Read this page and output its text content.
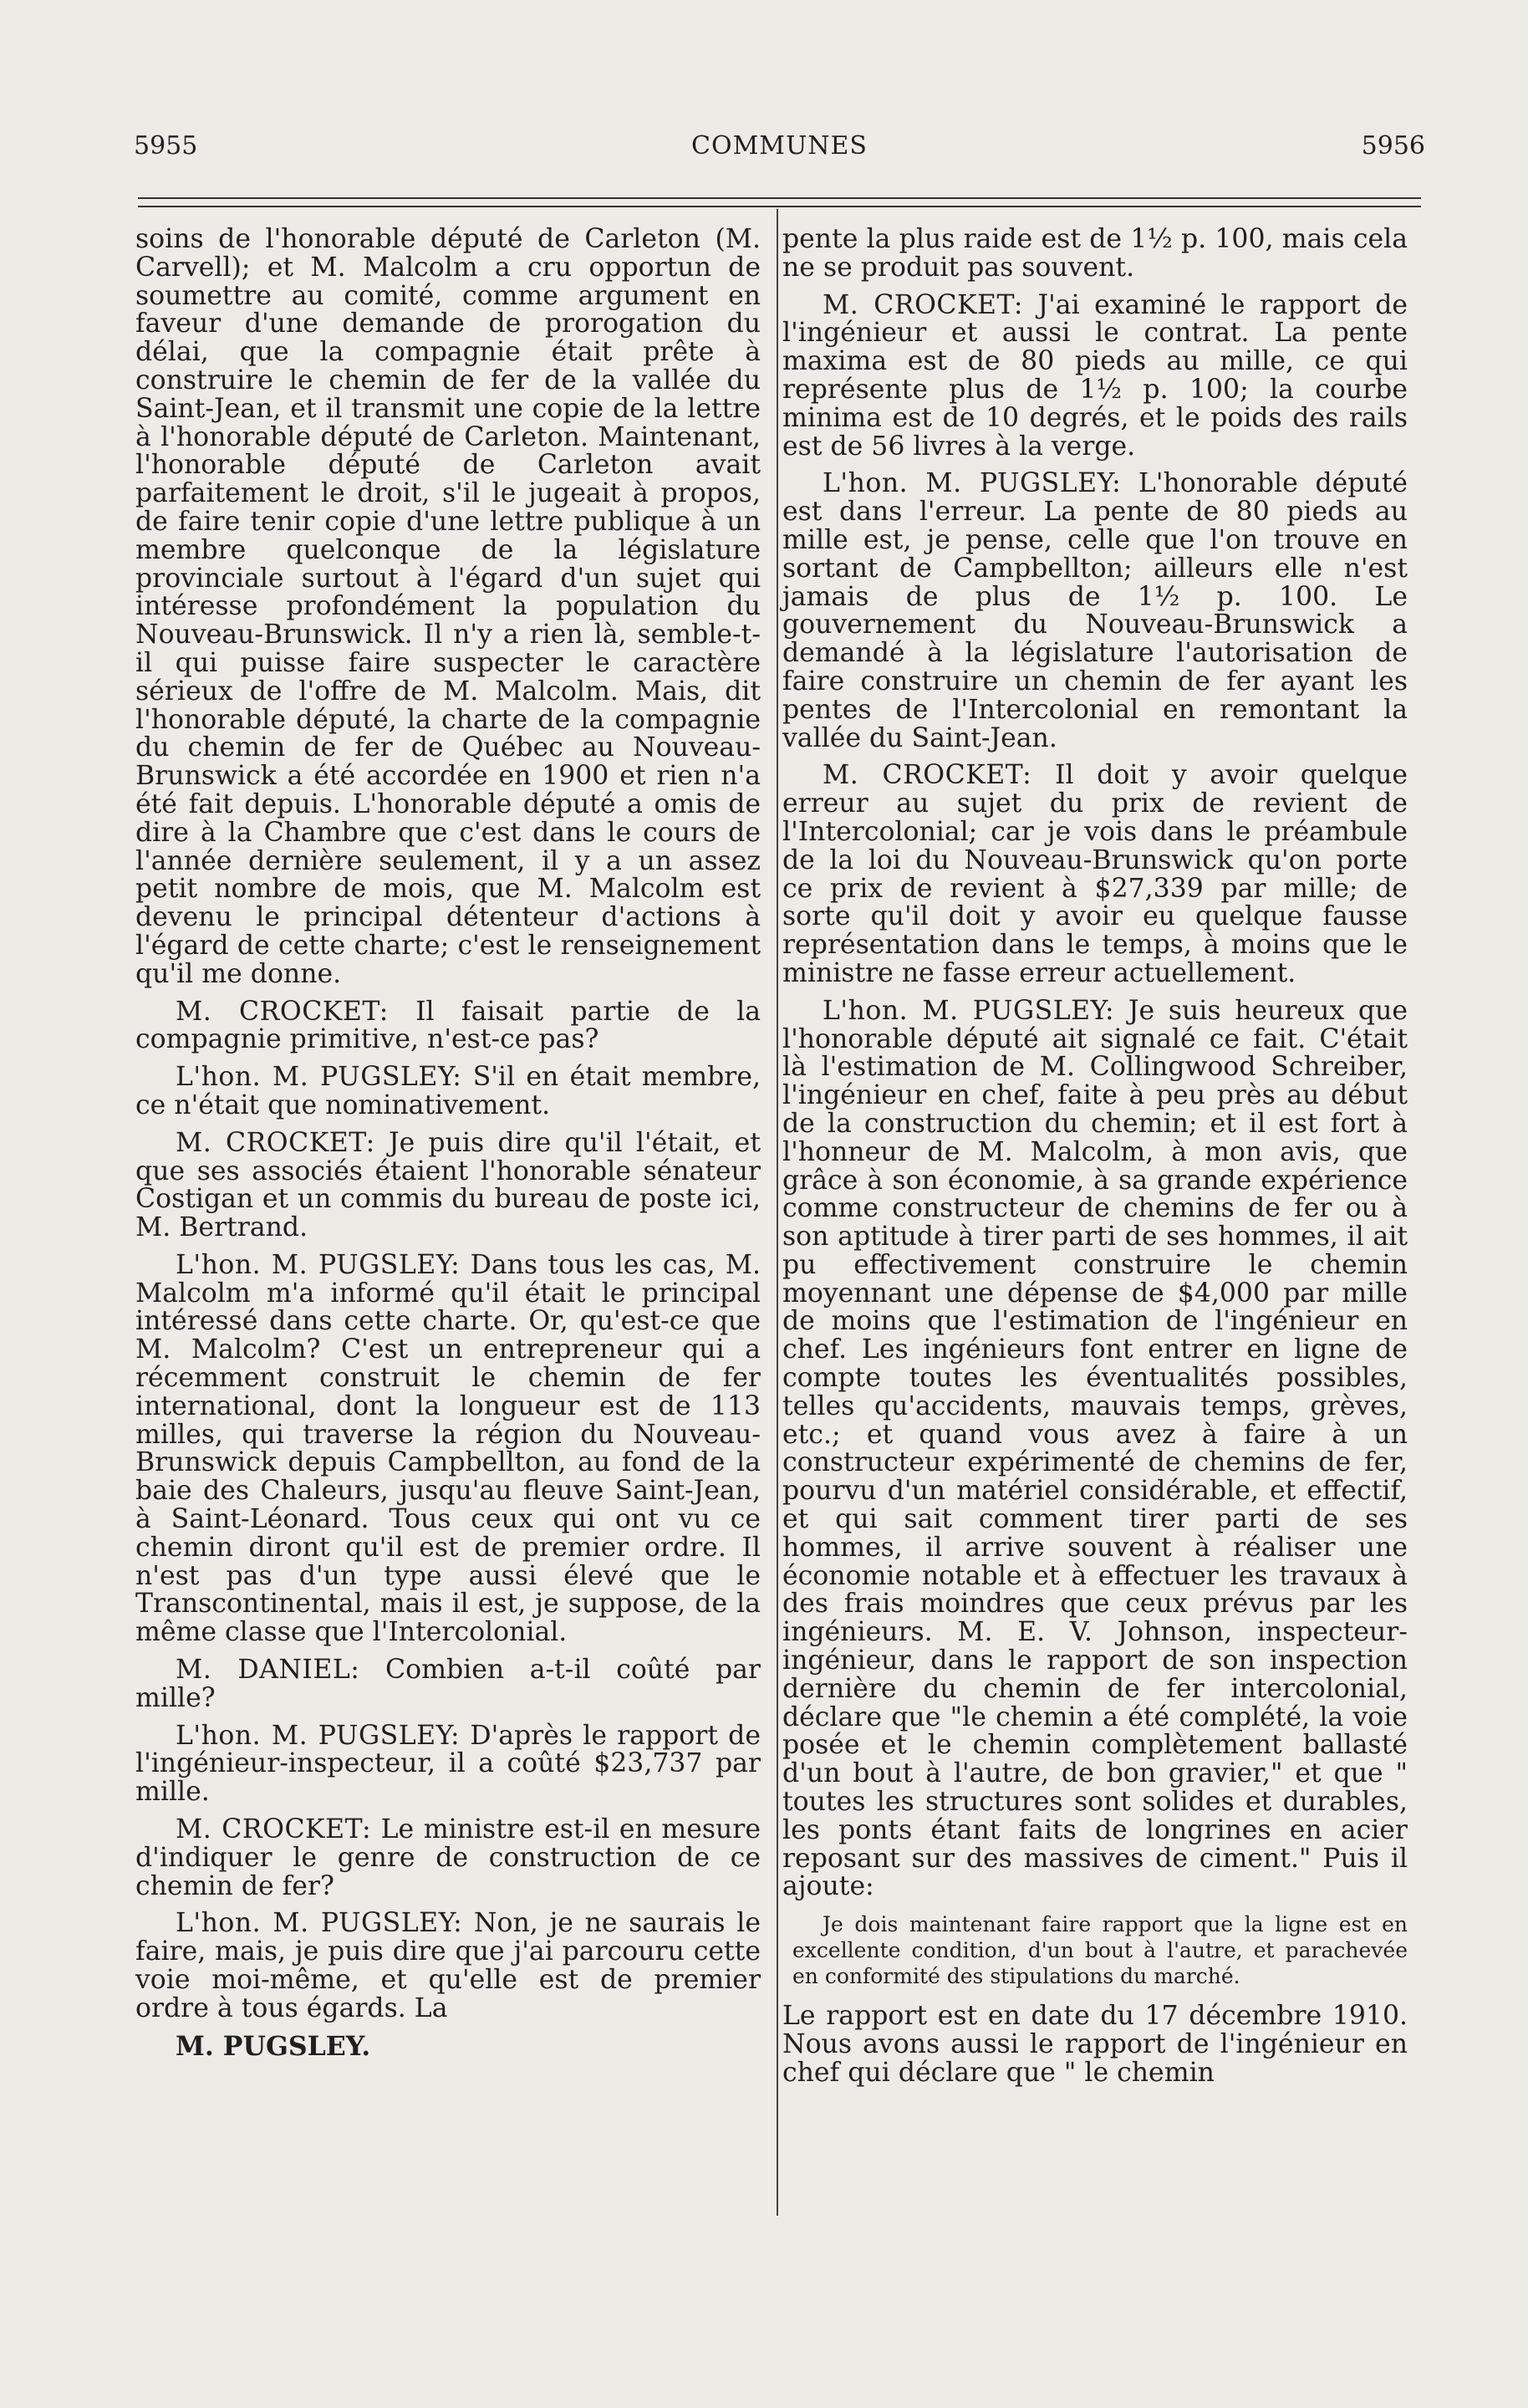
5955	COMMUNES	5956

soins de l'honorable député de Carleton (M. Carvell); et M. Malcolm a cru opportun de soumettre au comité, comme argument en faveur d'une demande de prorogation du délai, que la compagnie était prête à construire le chemin de fer de la vallée du Saint-Jean, et il transmit une copie de la lettre à l'honorable député de Carleton. Maintenant, l'honorable député de Carleton avait parfaitement le droit, s'il le jugeait à propos, de faire tenir copie d'une lettre publique à un membre quelconque de la législature provinciale surtout à l'égard d'un sujet qui intéresse profondément la population du Nouveau-Brunswick. Il n'y a rien là, semble-t-il qui puisse faire suspecter le caractère sérieux de l'offre de M. Malcolm. Mais, dit l'honorable député, la charte de la compagnie du chemin de fer de Québec au Nouveau-Brunswick a été accordée en 1900 et rien n'a été fait depuis. L'honorable député a omis de dire à la Chambre que c'est dans le cours de l'année dernière seulement, il y a un assez petit nombre de mois, que M. Malcolm est devenu le principal détenteur d'actions à l'égard de cette charte; c'est le renseignement qu'il me donne.

M. CROCKET: Il faisait partie de la compagnie primitive, n'est-ce pas?

L'hon. M. PUGSLEY: S'il en était membre, ce n'était que nominativement.

M. CROCKET: Je puis dire qu'il l'était, et que ses associés étaient l'honorable sénateur Costigan et un commis du bureau de poste ici, M. Bertrand.

L'hon. M. PUGSLEY: Dans tous les cas, M. Malcolm m'a informé qu'il était le principal intéressé dans cette charte. Or, qu'est-ce que M. Malcolm? C'est un entrepreneur qui a récemment construit le chemin de fer international, dont la longueur est de 113 milles, qui traverse la région du Nouveau-Brunswick depuis Campbellton, au fond de la baie des Chaleurs, jusqu'au fleuve Saint-Jean, à Saint-Léonard. Tous ceux qui ont vu ce chemin diront qu'il est de premier ordre. Il n'est pas d'un type aussi élevé que le Transcontinental, mais il est, je suppose, de la même classe que l'Intercolonial.

M. DANIEL: Combien a-t-il coûté par mille?

L'hon. M. PUGSLEY: D'après le rapport de l'ingénieur-inspecteur, il a coûté $23,737 par mille.

M. CROCKET: Le ministre est-il en mesure d'indiquer le genre de construction de ce chemin de fer?

L'hon. M. PUGSLEY: Non, je ne saurais le faire, mais, je puis dire que j'ai parcouru cette voie moi-même, et qu'elle est de premier ordre à tous égards. La

M. PUGSLEY.

pente la plus raide est de 1½ p. 100, mais cela ne se produit pas souvent.

M. CROCKET: J'ai examiné le rapport de l'ingénieur et aussi le contrat. La pente maxima est de 80 pieds au mille, ce qui représente plus de 1½ p. 100; la courbe minima est de 10 degrés, et le poids des rails est de 56 livres à la verge.

L'hon. M. PUGSLEY: L'honorable député est dans l'erreur. La pente de 80 pieds au mille est, je pense, celle que l'on trouve en sortant de Campbellton; ailleurs elle n'est jamais de plus de 1½ p. 100. Le gouvernement du Nouveau-Brunswick a demandé à la législature l'autorisation de faire construire un chemin de fer ayant les pentes de l'Intercolonial en remontant la vallée du Saint-Jean.

M. CROCKET: Il doit y avoir quelque erreur au sujet du prix de revient de l'Intercolonial; car je vois dans le préambule de la loi du Nouveau-Brunswick qu'on porte ce prix de revient à $27,339 par mille; de sorte qu'il doit y avoir eu quelque fausse représentation dans le temps, à moins que le ministre ne fasse erreur actuellement.

L'hon. M. PUGSLEY: Je suis heureux que l'honorable député ait signalé ce fait. C'était là l'estimation de M. Collingwood Schreiber, l'ingénieur en chef, faite à peu près au début de la construction du chemin; et il est fort à l'honneur de M. Malcolm, à mon avis, que grâce à son économie, à sa grande expérience comme constructeur de chemins de fer ou à son aptitude à tirer parti de ses hommes, il ait pu effectivement construire le chemin moyennant une dépense de $4,000 par mille de moins que l'estimation de l'ingénieur en chef. Les ingénieurs font entrer en ligne de compte toutes les éventualités possibles, telles qu'accidents, mauvais temps, grèves, etc.; et quand vous avez à faire à un constructeur expérimenté de chemins de fer, pourvu d'un matériel considérable, et effectif, et qui sait comment tirer parti de ses hommes, il arrive souvent à réaliser une économie notable et à effectuer les travaux à des frais moindres que ceux prévus par les ingénieurs. M. E. V. Johnson, inspecteur-ingénieur, dans le rapport de son inspection dernière du chemin de fer intercolonial, déclare que "le chemin a été complété, la voie posée et le chemin complètement ballasté d'un bout à l'autre, de bon gravier," et que " toutes les structures sont solides et durables, les ponts étant faits de longrines en acier reposant sur des massives de ciment." Puis il ajoute:

Je dois maintenant faire rapport que la ligne est en excellente condition, d'un bout à l'autre, et parachevée en conformité des stipulations du marché.

Le rapport est en date du 17 décembre 1910. Nous avons aussi le rapport de l'ingénieur en chef qui déclare que " le chemin
